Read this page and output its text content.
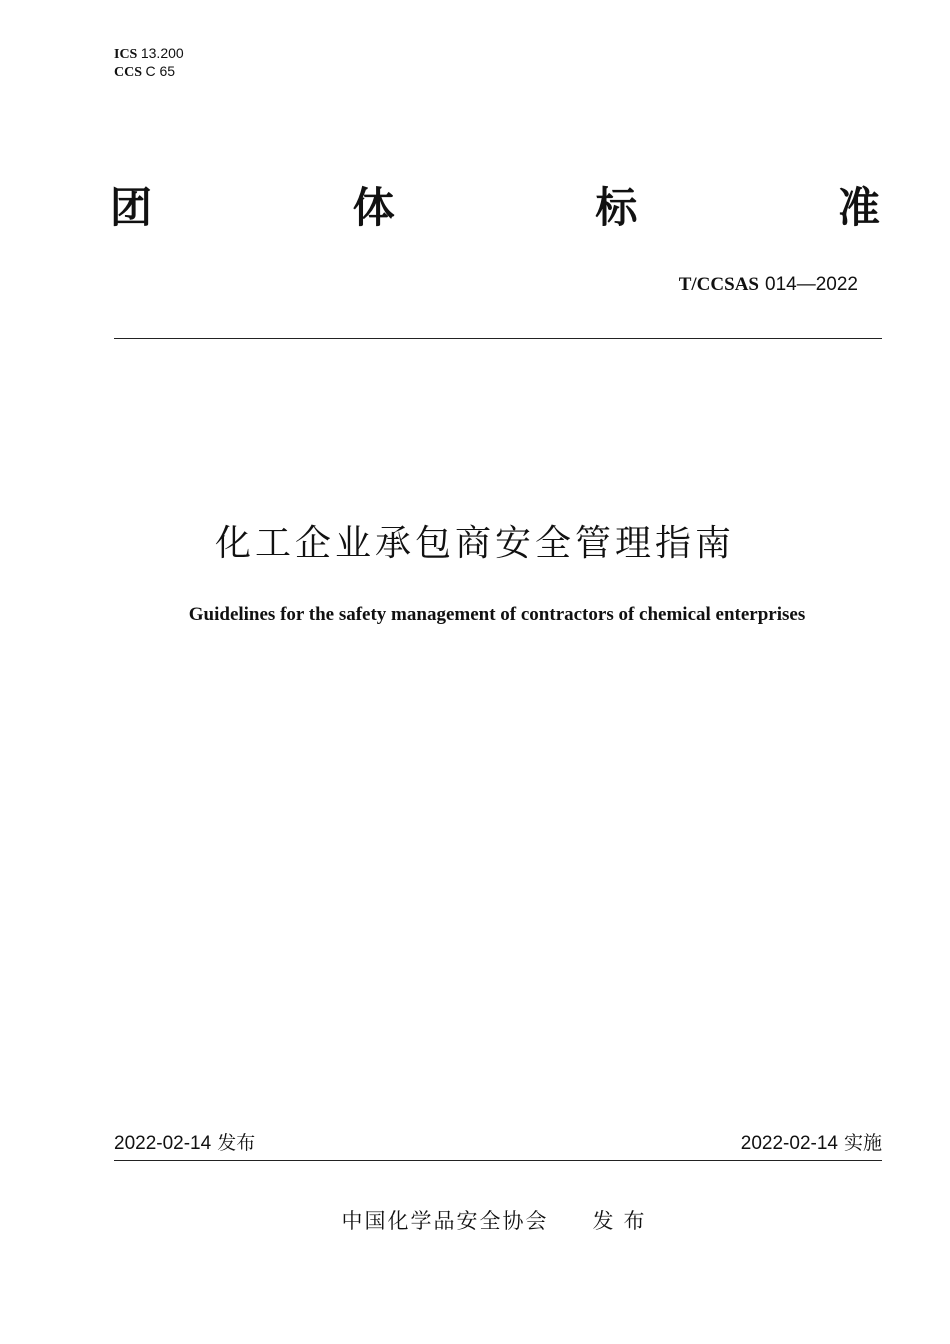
ICS 13.200
CCS C 65
团	体	标	准
T/CCSAS 014—2022
化工企业承包商安全管理指南
Guidelines for the safety management of contractors of chemical enterprises
2022-02-14 发布	2022-02-14 实施
中国化学品安全协会 发布
